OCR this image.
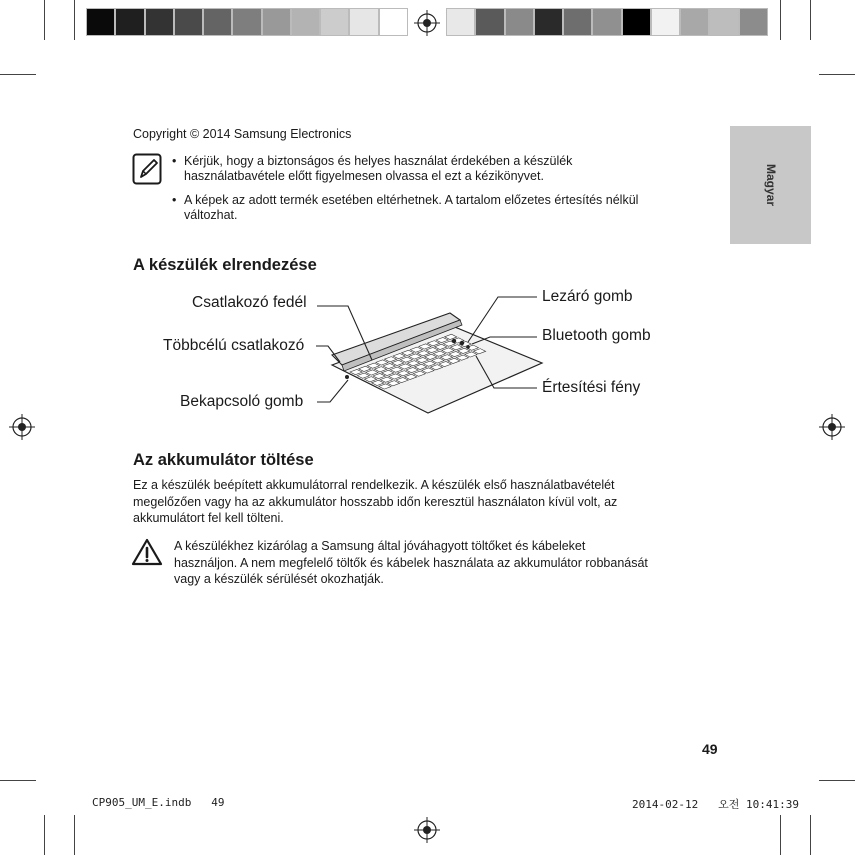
Magyar
Copyright © 2014 Samsung Electronics
• Kérjük, hogy a biztonságos és helyes használat érdekében a készülék
használatbavétele előtt figyelmesen olvassa el ezt a kézikönyvet.
• A képek az adott termék esetében eltérhetnek. A tartalom előzetes értesítés nélkül
változhat.
A készülék elrendezése
Csatlakozó fedél
Többcélú csatlakozó
Bekapcsoló gomb
Lezáró gomb
Bluetooth gomb
Értesítési fény
Az akkumulátor töltése
Ez a készülék beépített akkumulátorral rendelkezik. A készülék első használatbavételét
megelőzően vagy ha az akkumulátor hosszabb időn keresztül használaton kívül volt, az
akkumulátort fel kell tölteni.
A készülékhez kizárólag a Samsung által jóváhagyott töltőket és kábeleket
használjon. A nem megfelelő töltők és kábelek használata az akkumulátor robbanását
vagy a készülék sérülését okozhatják.
49
CP905_UM_E.indb   49	2014-02-12   오전 10:41:39
